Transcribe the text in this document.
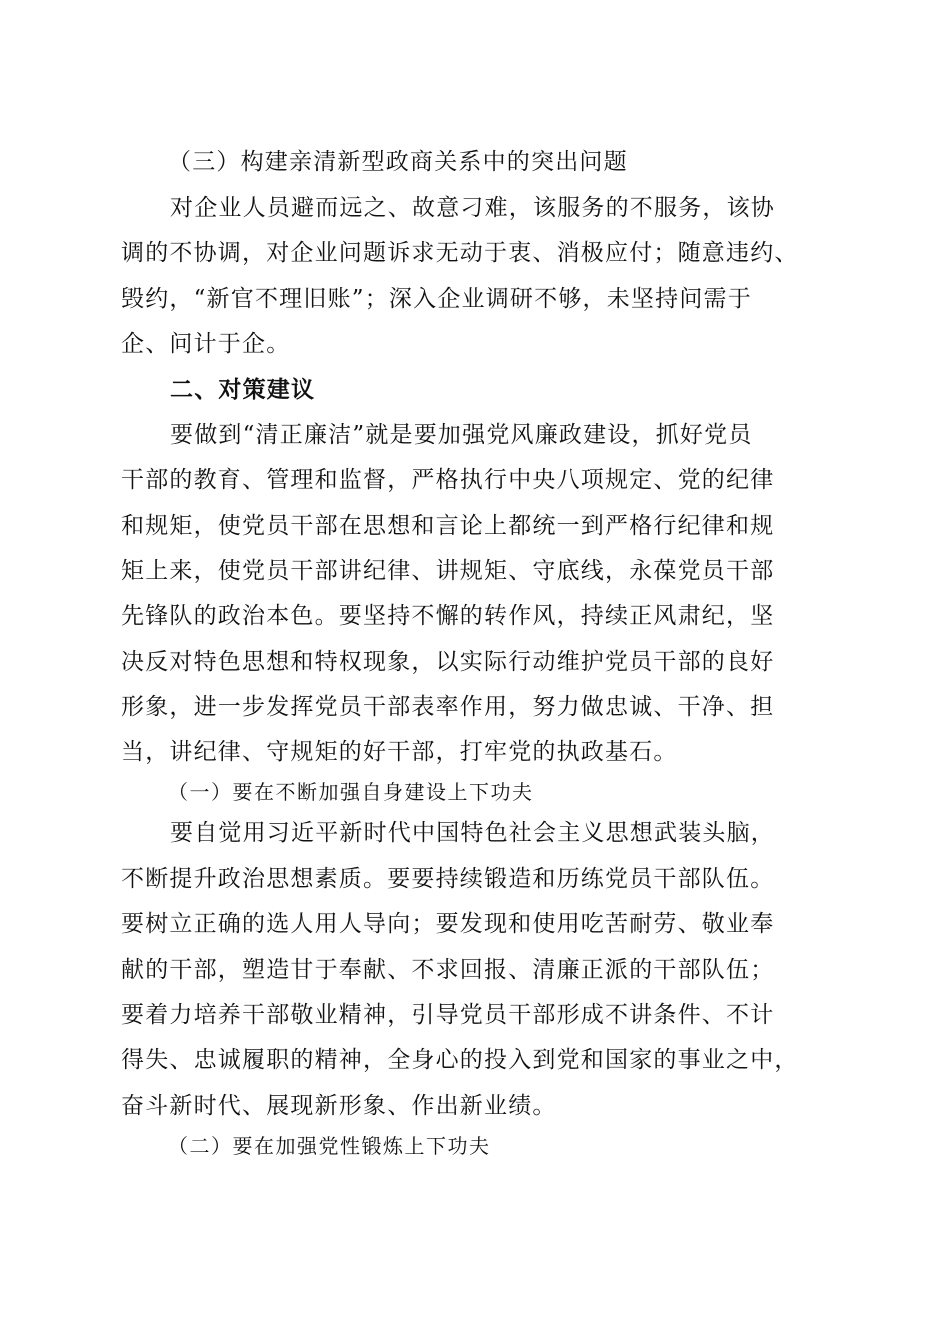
（三）构建亲清新型政商关系中的突出问题
对企业人员避而远之、故意刁难，该服务的不服务，该协
调的不协调，对企业问题诉求无动于衷、消极应付；随意违约、
毁约，“新官不理旧账”；深入企业调研不够，未坚持问需于
企、问计于企。
二、对策建议
要做到“清正廉洁”就是要加强党风廉政建设，抓好党员
干部的教育、管理和监督，严格执行中央八项规定、党的纪律
和规矩，使党员干部在思想和言论上都统一到严格行纪律和规
矩上来，使党员干部讲纪律、讲规矩、守底线，永葆党员干部
先锋队的政治本色。要坚持不懈的转作风，持续正风肃纪，坚
决反对特色思想和特权现象，以实际行动维护党员干部的良好
形象，进一步发挥党员干部表率作用，努力做忠诚、干净、担
当，讲纪律、守规矩的好干部，打牢党的执政基石。
（一）要在不断加强自身建设上下功夫
要自觉用习近平新时代中国特色社会主义思想武装头脑，
不断提升政治思想素质。要要持续锻造和历练党员干部队伍。
要树立正确的选人用人导向；要发现和使用吃苦耐劳、敬业奉
献的干部，塑造甘于奉献、不求回报、清廉正派的干部队伍；
要着力培养干部敬业精神，引导党员干部形成不讲条件、不计
得失、忠诚履职的精神，全身心的投入到党和国家的事业之中，
奋斗新时代、展现新形象、作出新业绩。
（二）要在加强党性锻炼上下功夫
